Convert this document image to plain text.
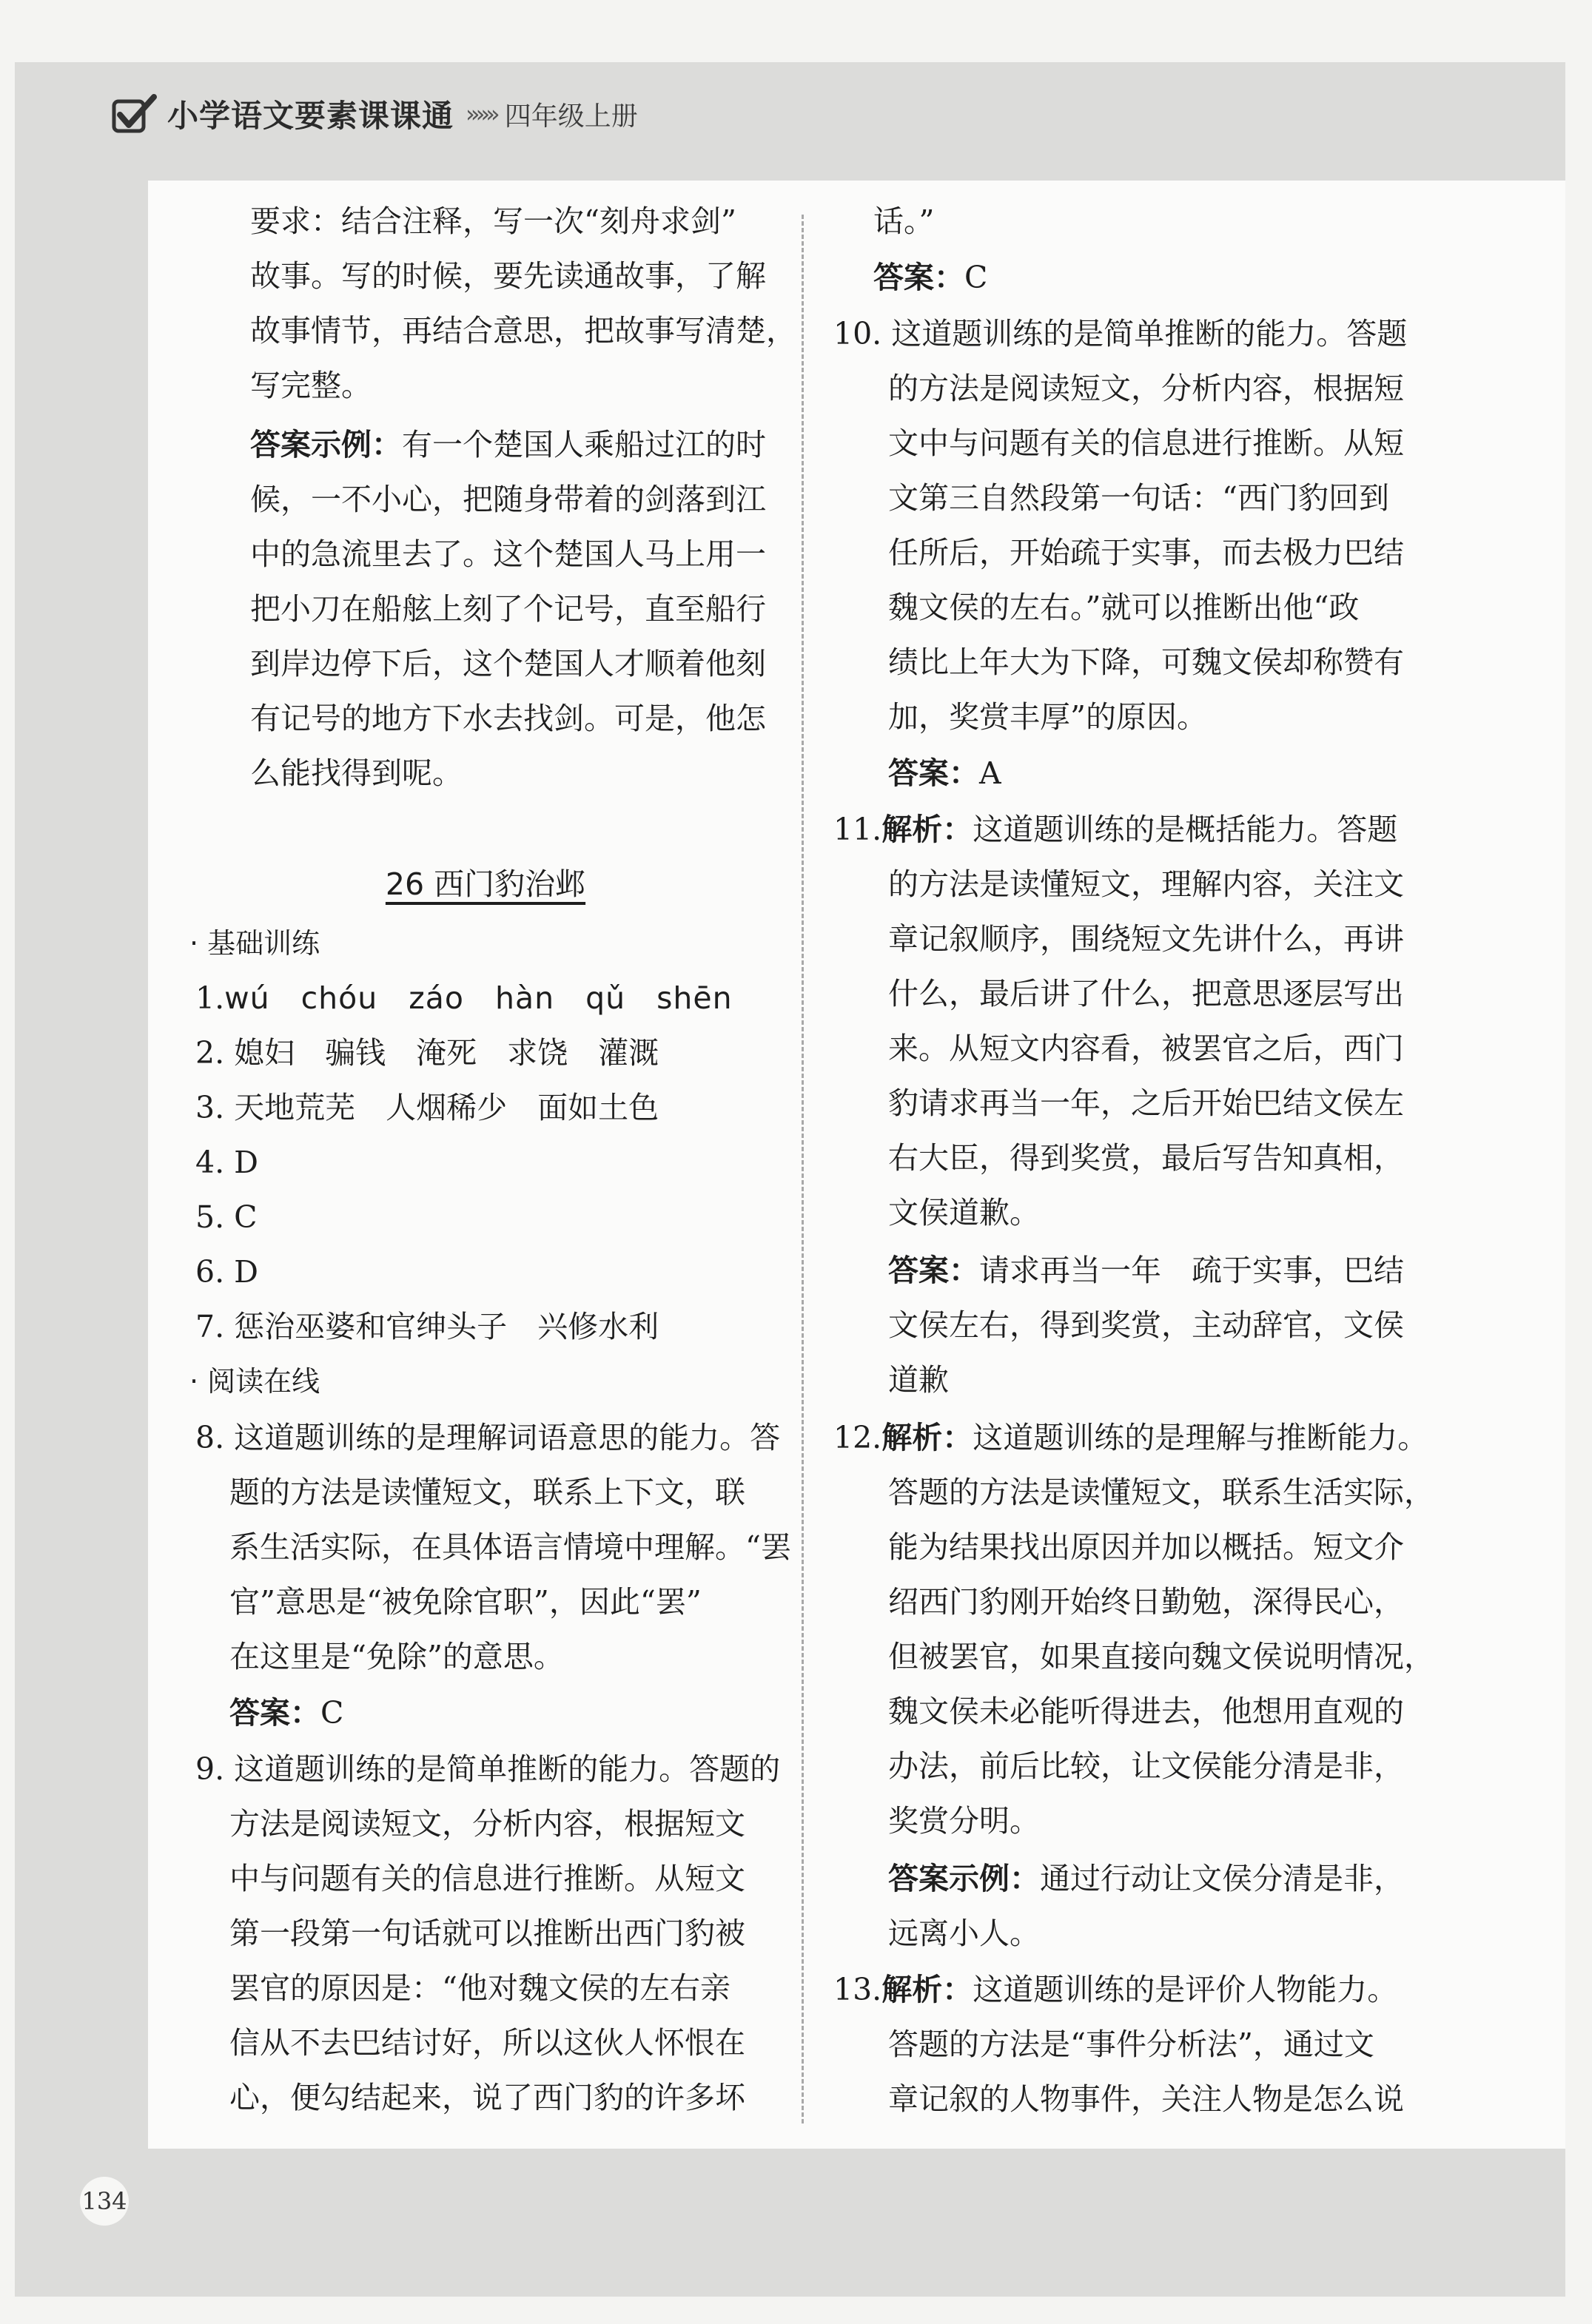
小学语文要素课课通 »»» 四年级上册
要求：结合注释，写一次“刻舟求剑”
故事。写的时候，要先读通故事，了解
故事情节，再结合意思，把故事写清楚，
写完整。
答案示例：有一个楚国人乘船过江的时
候，一不小心，把随身带着的剑落到江
中的急流里去了。这个楚国人马上用一
把小刀在船舷上刻了个记号，直至船行
到岸边停下后，这个楚国人才顺着他刻
有记号的地方下水去找剑。可是，他怎
么能找得到呢。
26 西门豹治邺
· 基础训练
1.wú　chóu　záo　hàn　qǔ　shēn
2. 媳妇　骗钱　淹死　求饶　灌溉
3. 天地荒芜　人烟稀少　面如土色
4. D
5. C
6. D
7. 惩治巫婆和官绅头子　兴修水利
· 阅读在线
8. 这道题训练的是理解词语意思的能力。答
题的方法是读懂短文，联系上下文，联
系生活实际，在具体语言情境中理解。“罢
官”意思是“被免除官职”，因此“罢”
在这里是“免除”的意思。
答案：C
9. 这道题训练的是简单推断的能力。答题的
方法是阅读短文，分析内容，根据短文
中与问题有关的信息进行推断。从短文
第一段第一句话就可以推断出西门豹被
罢官的原因是：“他对魏文侯的左右亲
信从不去巴结讨好，所以这伙人怀恨在
心，便勾结起来，说了西门豹的许多坏
话。”
答案：C
10. 这道题训练的是简单推断的能力。答题
的方法是阅读短文，分析内容，根据短
文中与问题有关的信息进行推断。从短
文第三自然段第一句话：“西门豹回到
任所后，开始疏于实事，而去极力巴结
魏文侯的左右。”就可以推断出他“政
绩比上年大为下降，可魏文侯却称赞有
加，奖赏丰厚”的原因。
答案：A
11.解析：这道题训练的是概括能力。答题
的方法是读懂短文，理解内容，关注文
章记叙顺序，围绕短文先讲什么，再讲
什么，最后讲了什么，把意思逐层写出
来。从短文内容看，被罢官之后，西门
豹请求再当一年，之后开始巴结文侯左
右大臣，得到奖赏，最后写告知真相，
文侯道歉。
答案：请求再当一年　疏于实事，巴结
文侯左右，得到奖赏，主动辞官，文侯
道歉
12.解析：这道题训练的是理解与推断能力。
答题的方法是读懂短文，联系生活实际，
能为结果找出原因并加以概括。短文介
绍西门豹刚开始终日勤勉，深得民心，
但被罢官，如果直接向魏文侯说明情况，
魏文侯未必能听得进去，他想用直观的
办法，前后比较，让文侯能分清是非，
奖赏分明。
答案示例：通过行动让文侯分清是非，
远离小人。
13.解析：这道题训练的是评价人物能力。
答题的方法是“事件分析法”，通过文
章记叙的人物事件，关注人物是怎么说
134
